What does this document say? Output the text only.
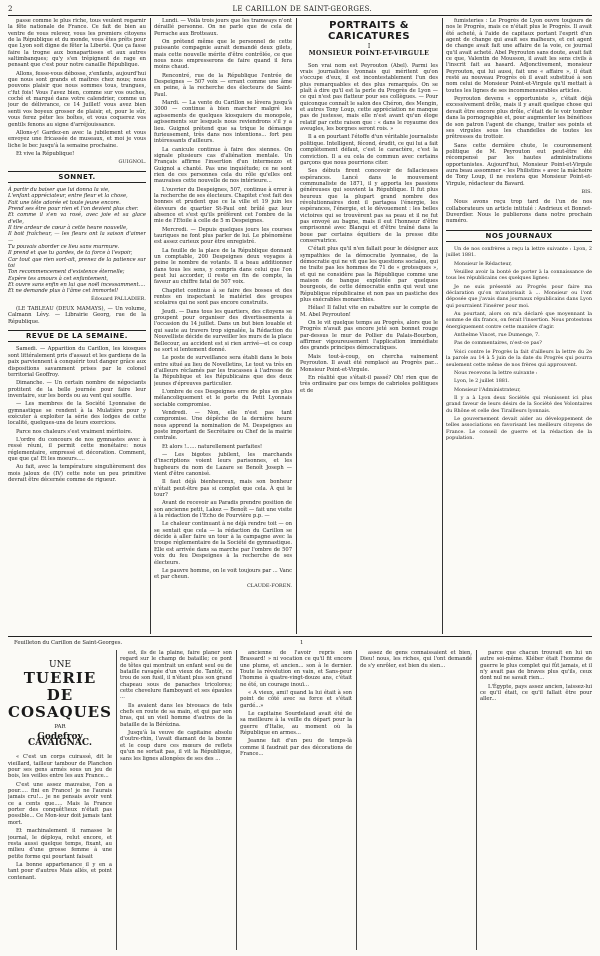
2	LE CARILLON DE SAINT-GEORGES.

passe comme le plus riche, tous veulent regarnir la fête nationale de France. Ce fait de bien au ventre de vous relever, vous les premiers citoyens de la République et du monde, vous êtes prêts pour que Lyon soit digne de fêter la Liberté. Que ça fasse faire la trogne aux bonapartisses et aux autres saltimbanques; qu'y s'en trépignent de rage en pensant que c'est pour notre canaille République.

Allons, fesse-vous débosse, z'enfants, aujourd'hui que nous sont grands et maîtres chez nous; nous pouvons plaisir que nous sommes tous, trangues, c'fut fois! Vous l'avez bien, comme sur vos ouches, coché et marqué dans votre calendrier, comme un jour de délivrance, ce 14 Juillet! vous avez bien senti vos boyeux grosser de plaisir, et, pour le sûr, vous ferez péter les boîtes, et vous coquerez vos gentils fenons au signe d'arréjouissance.

Allons-y! Gardez-en avec la jubilement et vous envoyez une fricassée de museaux, et moi je vous liche le bec jusqu'à la semaine prochaine.

Et vive la République!

GUIGNOL.
SONNET.

À partir du baiser que lui donna la vie,

L'enfant appréciateur, entre fleur et la chose,

Fait une tête adorée et toute jeune encore.

Prend ses être pour rien et l'on devient plus cher.

Et comme il s'en va rosé, avec joie et sa glace d'elle,

Il tire ardeur de cœur à cette heure nouvelle,

Il boit fraîcheur, — les fleurs ont la saison d'aimer —

Tu pouvais aborder ce lieu sans murmure.

Il prend et que tu gardes, de ta force à l'espoir,

Car tout que rien sort-ait, prenez de la patience sur toi

Ton recommencement d'existence éternelle;

Espère tes amours à cet enfantement,

Et ouvre sans enfin en lui que noël incessamment....

Et ne demande plus à l'âme cet immortel!

Édouard PALLADIER.

(LE TABLEAU (DEUX MAMAYS), — Un volume, Calmann Lévy. — Librairie Georg, rue de la République.

REVUE DE LA SEMAINE.

Samedi. — Apparition du Carillon, les kiosques sont littéralement pris d'assaut et les gardiens de la paix parviennent à conquérir tout danger grâce aux dispositions savamment prises par le colonel territorial Geoffroy.

Dimanche. — Un certain nombre de négociants protitent de la belle journée pour faire leur inventaire, sur les bords ou au vent qui souffle.

— Les membres de la Société Lyonnaise de gymnastique se rendent à la Mulatière pour y exécuter à exploiter la série des lodges de cette localité, quelques-uns de leurs exercices.

Parce nos chaleurs s'est vraiment méritoire.

L'ordre du concours de nos gymnastes avec à ressé réuni, il permit cette monétaire: nous réglementaire, empressé et décoration. Comment, que que ça! Et les moeurs.....

Au fait, avec la température singulièrement des mois jaloux de (IV) cette note un peu primitive devrait être décernée comme de rigueur.

Lundi. — Voilà trois jours que les tramways n'ont déraillé personne. On ne parle que de cela de Perrache aux Brotteaux.

On prétend même que le personnel de cette puissante compagnie aurait demandé deux gilets, mais cette nouvelle mérite d'être contrôlée, ce que nous nous empresserons de faire quand il fera moins chaud.

Rencontré, rue de la République l'entrée de Despeignes — 507 voix — errant comme une âme en peine, à la recherche des électeurs de Saint-Paul.

Mardi. — La vente du Carillon se lèvera jusqu'à 3000 — continue à bien marcher malgré les agissements de quelques kiosquiers du monopole, agissements sur lesquels nous reviendrons s'il y a lieu. Guignol prétend que sa trique le démange furieusement, très dans nos intentions... fort peu intéressants d'ailleurs.

La canicule continue à faire des siennes. On signale plusieurs cas d'aliénation mentale. Un Français affirme l'insertion d'un intermezzo et Guignol a chanté. Pas une inquiétude; ce ne sont rien de ces personnes cela du rôle qu'elles ont mauvaises cette nouvelle de nos intérieure...

L'ouvrier du Despeignes, 507, continue à errer à la recherche de ses électeurs. Chapitet c'est fait des bonnes et prudent que ce la ville et 19 juin les éleveurs de quartier St-Paul ont brûlé gaz leur absence et s'est qu'ils préfèrent cet l'ombre de la mie de l'Etoile à celle de 5 m Despeignes.

Mercredi. — Depuis quelques jours les courses tauriques ne font plus parler de lui. Le phénomène est assez curieux pour être enregistré.

La feuille de la place de la République donnant un comptable, 200 Despeignes deux voyages à peine le nombre de votants. Il a beau additionner dans tous les sens, y compris dans celui que l'on peut lui accorder, il reste en fin de compte, la faveur au chiffre fatal de 507 voix.

Chapitet continue à se faire des bosses et des rentes en inspectant le matériel des groupes scolaires qui ne sont pas encore construits.

Jeudi. — Dans tous les quartiers, des citoyens se groupent pour organiser des divertissements à l'occasion du 14 juillet. Dans un but bien louable et qui saute au travers trop signalée, la Rédaction du Nouvelliste décide de surveiller les murs de la place Bellecour, au accident est si rien arrivé—et ce coup ne sort si lentement donné.

Le poste de surveillance sera établi dans le bois entre situé au lieu de Novelletins, Le tout va très en d'ailleurs réclamés par les tracasses à l'adresse de la République et les Républicains que des deux jeunes d'épreuves particulier.

L'ombre de ces Despeignes erre de plus en plus mélancoliquement et le porte du Petit Lyonnais sociable compromise.

Vendredi. — Non, elle n'est pas tant compromise. Une dépêche de la dernière heure nous apprend la nomination de M. Despeignes au poste important de Secrétaire ou Chef de la mairie centrale.

Et alors !...... naturellement parfaites!

— Les bigotes jubilent, les marchands d'inscriptions voient leurs parisonnes, et les hugheurs du nom de Lazare se Benoît Joseph — vient d'être canonisé.

Il faut déjà bienheureux, mais son bonheur n'était peut-être pas si complet que cela. À qui le tour?

Avant de recevoir au Paradis prendre position de son ancienne petit, Lakez — Benoît — fait une visite à la rédaction de l'Echo de Fourvière p.p. —

Le chaleur continuant à ne déjà rendre toit — on se sentait que cela — la rédaction du Carillon se décide à aller faire un tour à la campagne avec la troupe réglementaire de la Société de gymnastique. Elle est arrivée dans sa marche par l'ombre de 507 voix du feu Despeignes à la recherche de ses électeurs.

Le pauvre homme, on le voit toujours par ... Vanc et par cheun.

CLAUDE-FOREN.
PORTRAITS & CARICATURES
I
MONSIEUR POINT-ET-VIRGULE

Son vrai nom est Peyrouton (Abel). Parmi les vrais journalistes lyonnais qui méritent qu'on s'occupe d'eux, il est incontestablement l'un des plus remarquables et des plus remarqués. On se plaît à dire qu'il est la perle du Progrès de Lyon — ce qui n'est pas flatteur pour ses collègues. — Pour quiconque connaît le salon des Chéron, des Mengin, et autres Tony Loup, cette appréciation ne manque pas de justesse, mais elle n'est avant qu'un éloge relatif par cette raison que : « dans le royaume des aveugles, les borgnes seront rois. »

Il a en pourtant l'étoffe d'un véritable journaliste politique. Intelligent, fécond, érudit, ce qui lui a fait complètement défaut, c'est le caractère, c'est la conviction. Il a eu cela de commun avec certains garçons que nous pourrions citer.

Ses débuts firent concevoir de fallacieuses espérances. Lancé dans le mouvement communaliste de 1871, il y apporta les passions généreuses qui souvient la République. Il fut plus heureux que la plupart grand nombre des révolutionnaires dont il partagea l'énergie, les espérances, l'énergie, et le dévouement : les belles victoires qui se trouvèrent pas sa peau et il ne fut pas envoyé au bagne, mais il eut l'honneur d'être emprisonné avec Blanqui et d'être traîné dans la boue par certains équitiers de la presse dite conservatrice.

C'était plus qu'il n'en fallait pour le désigner aux sympathies de la démocratie lyonnaise, de la démocratie qui ne vit que les questions sociales, qui ne traite pas les hommes de 71 de « grotesques », et qui ne considère pas la République comme une maison de banque exploitée par quelques bourgeois, de cette démocratie enfin qui veut une République républicaine et non pas un pastiche des plus exécrables monarchies.

Hélas! Il fallut vite en rabattre sur le compte de M. Abel Peyrouton!

On le vit quelque temps au Progrès, alors que le Progrès n'avait pas encore jeté son bonnet rouge par-dessus le mur de Pollier du Palais-Bourbon, affirmer vigoureusement l'application immédiate des grands principes démocratiques.

Mais tout-à-coup, on chercha vainement Peyrouton. Il avait été remplacé au Progrès par... Monsieur Point-et-Virgule.

En réalité que s'était-il passé? Oh! rien que de très ordinaire par ces temps de cabrioles politiques et de

fumisteries : Le Progrès de Lyon ouvre toujours de nos le Progrès, mais ce n'était plus le Progrès. Il avait été acheté, à l'aide de capitaux portant l'esprit d'un agent de change qui avait ses malheurs, et cet agent de change avait fait une affaire de la voie, ce journal qu'il avait acheté. Abel Peyrouton sans doute, avait fait ce que, Valentin de Mousson, il avait les sens civils à l'inscrit fait au hasard. Adjonctivement, monsieur Peyrouton, qui lui aussi, fait une « affaire », il était resté au nouveau Progrès où il avait substitué à son nom celui de Monsieur Point-et-Virgule qu'il mettait à toutes les lignes de ses incommensurables articles.

Peyrouton devenu « opportuniste », c'était déjà excessivement drôle, mais il y avait quelque chose qui devait être encore plus drôle, c'était de le voir tomber dans la pornographie et, pour augmenter les bénéfices de son patron l'agent de change, traiter ses points et ses virgules sous les chandelles de toutes les prêtresses du trottoir.

Sans cette dernière chute, le couronnement politique de M. Peyrouton eut peut-être été récompensé par les hautes administrations opportunistes. Aujourd'hui, Monsieur Point-et-Virgule aura beau assommer « les Philistins » avec la mâchoire de Tony Loup, il ne restera que Monsieur Point-et-Virgule, rédacteur du Bavard.

BIS.

Nous avons reçu trop tard de l'un de nos collaborateurs un article intitulé : Andrieux et Bonnet-Duverdier. Nous le publierons dans notre prochain numéro.

NOS JOURNAUX

Un de nos confrères a reçu la lettre suivante : Lyon, 2 juillet 1881.

Monsieur le Rédacteur,

Veuillez avoir la bonté de porter à la connaissance de tous les républicains ces quelques lignes:

Je ne suis présenté au Progrès pour faire ma déclaration qu'on m'autorisait à ... Monsieur ou l'ont déposée que j'avais dans journaux républicains dans Lyon qui pourraient l'insérer pour moi.

Au pourtant, alors on m'a déclaré que moyennant la somme de dix francs, on ferait l'insertion. Nous protestons énergiquement contre cette manière d'agir.

Anthelme Vincet, rue Dumenge, 7.

Pas de commentaires, n'est-ce pas?

Voici contre le Progrès la fait d'ailleurs la lettre du 2e la parole au 14 à 5 juin de la date du Progrès qui pourra seulement cette même de nos frères qui approuvent.

Nous recevons la lettre suivante :

Lyon, le 2 juillet 1881.

Monsieur l'Administrateur,

Il y a à Lyon deux Sociétés qui réunissent ici plus grand faveur de leurs désirs de la Société des Volontaires du Rhône et celle des Tirailleurs lyonnais.

Le gouvernement devait aider au développement de telles associations en favorisant les meilleurs citoyens de France. Le conseil de guerre et la rédaction de la population.

Feuilleton du Carillon de Saint-Georges.	1
UNE
TUERIE DE COSAQUES
PAR
Godefroy CAVAIGNAC.

« C'est un corps cuirassé, dit le vieillard, tailleur tambour de Planchon pour ses gens armés sous un jeu de bois, les veilles entre les aux France...

C'est une assez mauvaise, l'on a pour..... fini en France! je ne l'aurais jamais cru!... je ne pensais avoir vent ce a cents que..... Mais la France porter des conquêt!ieux n'était pas possible... Ce Mon-ieur doit jamais tant mort.

Et machinalement il ramasse le journal, le déploya, relut encore, et resta aussi quelque temps, fixant, au milieu d'une grosse femme à une petite forme qui pourtant faisait

La bonne appartenance il y en a tant pour d'autres Mais allés, et point contenant.

est, ils de la plaine, faire planer son regard sur le champ de bataille; ce pont de têtes qui montrait un enfant seul ou de bataille ravagée d'un vieux de. Tantôt, ce trou de son fusil, il n'étant plus son grand chapeau sous de panaches tricolores; cette chevelure flamboyant et ses épaules ...

Ils avaient dans les bivouacs de tels chefs en route de sa main, et qui par son bras, qui un vieil homme d'autres de la bataille de la Bérézina.

Jusqu'à la veuve de capitaine absolu d'outre-rhin, l'avait diamant de la bonne et le coup dure ces mœurs de reflets qu'un ne sortait pas, il vit la République, sans les lignes allongées de ses des ...

ancienne de l'avoir repris son Brassard! » ni vocation ce qu'il fit encore une plume, et ancien... son à le dernier. Toute la révolution en vain, et Sans-peur l'homme à quatre-vingt-douze ans, c'était ne été, un courage inouï...

« A vieux, ami! quand la lui était à son point de côté avec sa force et s'était gardé...»

Le capitaine Sourdelaud avait été de sa meilleure à la veille du départ pour la guerre d'Italie, au moment où la République en armes...

Jeanne fait d'un peu de temps-là comme il faudrait par des décorations de France...

assez de gens connaissaient et bien, Dieu! nous, les riches, qui l'ont demandé de s'y enrôler, est bien du sien...

parce que chacun trouvait en lui un autre soi-même. Kléber était l'homme de guerre le plus complet qui fût jamais, et il n'y avait pas de braves plus qu'ils, ceux dont nul ne savait rien...

L'Égypte, pays assez ancien, laissez-lui ce qu'il était, ce qu'il fallait être pour aller...
